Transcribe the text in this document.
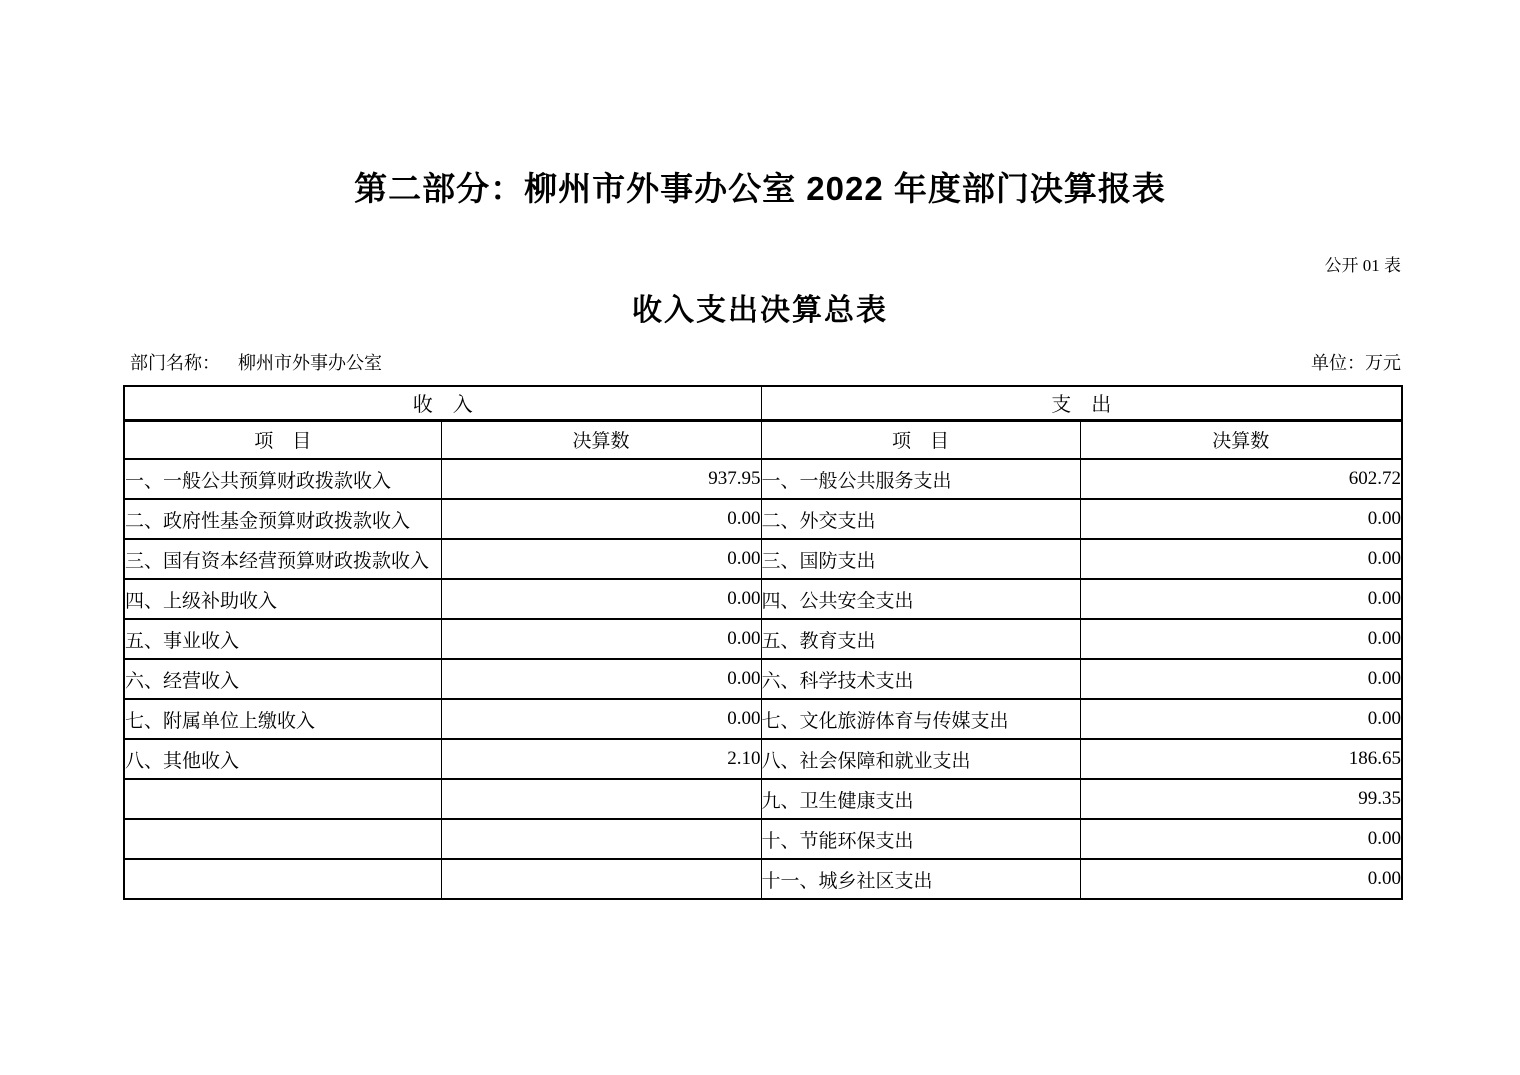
第二部分：柳州市外事办公室 2022 年度部门决算报表
公开 01 表
收入支出决算总表
部门名称： 柳州市外事办公室	单位：万元
收　入		支　出	
项　目	决算数	项　目	决算数
一、一般公共预算财政拨款收入	937.95	一、一般公共服务支出	602.72
二、政府性基金预算财政拨款收入	0.00	二、外交支出	0.00
三、国有资本经营预算财政拨款收入	0.00	三、国防支出	0.00
四、上级补助收入	0.00	四、公共安全支出	0.00
五、事业收入	0.00	五、教育支出	0.00
六、经营收入	0.00	六、科学技术支出	0.00
七、附属单位上缴收入	0.00	七、文化旅游体育与传媒支出	0.00
八、其他收入	2.10	八、社会保障和就业支出	186.65
		九、卫生健康支出	99.35
		十、节能环保支出	0.00
		十一、城乡社区支出	0.00
